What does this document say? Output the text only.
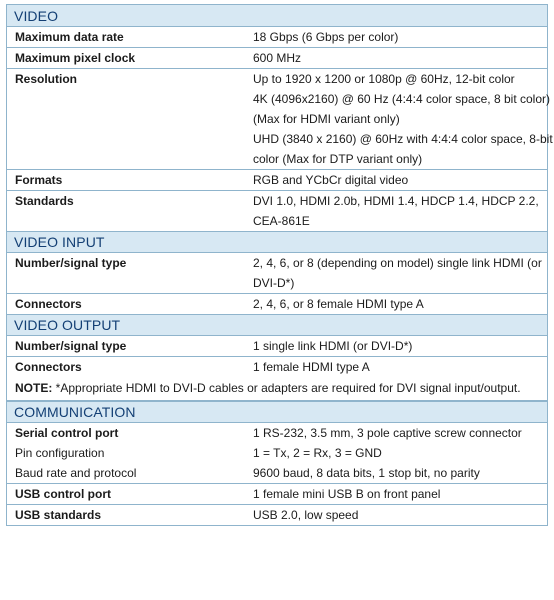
VIDEO
Maximum data rate	18 Gbps (6 Gbps per color)
Maximum pixel clock	600 MHz
Resolution	Up to 1920 x 1200 or 1080p @ 60Hz, 12-bit color
4K (4096x2160) @ 60 Hz (4:4:4 color space, 8 bit color)
(Max for HDMI variant only)
UHD (3840 x 2160) @ 60Hz with 4:4:4 color space, 8-bit
color (Max for DTP variant only)
Formats	RGB and YCbCr digital video
Standards	DVI 1.0, HDMI 2.0b, HDMI 1.4, HDCP 1.4, HDCP 2.2,
CEA-861E
VIDEO INPUT
Number/signal type	2, 4, 6, or 8 (depending on model) single link HDMI (or
DVI-D*)
Connectors	2, 4, 6, or 8 female HDMI type A
VIDEO OUTPUT
Number/signal type	1 single link HDMI (or DVI-D*)
Connectors	1 female HDMI type A
NOTE: *Appropriate HDMI to DVI-D cables or adapters are required for DVI signal input/output.
COMMUNICATION
Serial control port	1 RS-232, 3.5 mm, 3 pole captive screw connector
Pin configuration	1 = Tx, 2 = Rx, 3 = GND
Baud rate and protocol	9600 baud, 8 data bits, 1 stop bit, no parity
USB control port	1 female mini USB B on front panel
USB standards	USB 2.0, low speed
